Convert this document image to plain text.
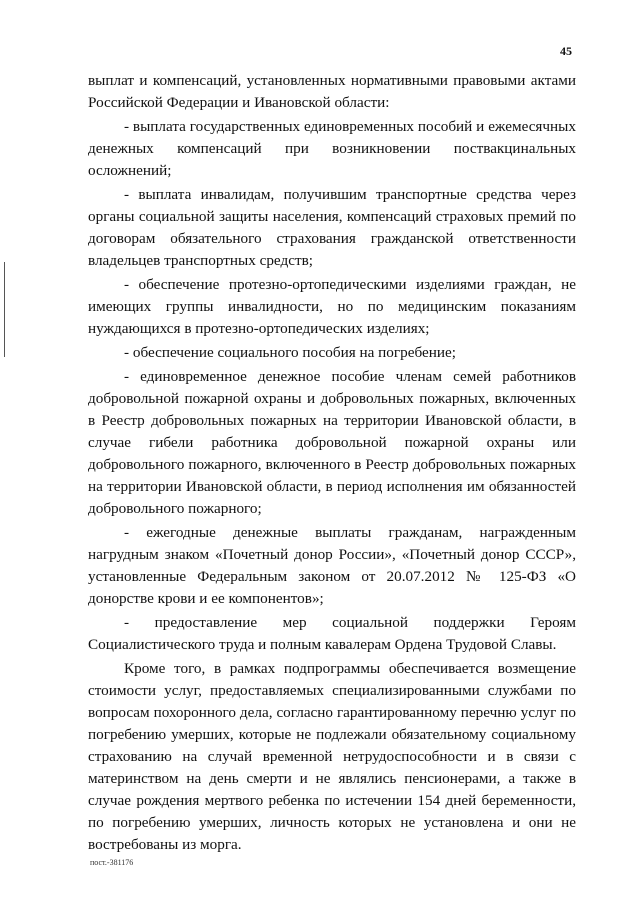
45

выплат и компенсаций, установленных нормативными правовыми актами Российской Федерации и Ивановской области:

- выплата государственных единовременных пособий и ежемесячных денежных компенсаций при возникновении поствакцинальных осложнений;

- выплата инвалидам, получившим транспортные средства через органы социальной защиты населения, компенсаций страховых премий по договорам обязательного страхования гражданской ответственности владельцев транспортных средств;

- обеспечение протезно-ортопедическими изделиями граждан, не имеющих группы инвалидности, но по медицинским показаниям нуждающихся в протезно-ортопедических изделиях;

- обеспечение социального пособия на погребение;

- единовременное денежное пособие членам семей работников добровольной пожарной охраны и добровольных пожарных, включенных в Реестр добровольных пожарных на территории Ивановской области, в случае гибели работника добровольной пожарной охраны или добровольного пожарного, включенного в Реестр добровольных пожарных на территории Ивановской области, в период исполнения им обязанностей добровольного пожарного;

- ежегодные денежные выплаты гражданам, награжденным нагрудным знаком «Почетный донор России», «Почетный донор СССР», установленные Федеральным законом от 20.07.2012 № 125-ФЗ «О донорстве крови и ее компонентов»;

- предоставление мер социальной поддержки Героям Социалистического труда и полным кавалерам Ордена Трудовой Славы.

Кроме того, в рамках подпрограммы обеспечивается возмещение стоимости услуг, предоставляемых специализированными службами по вопросам похоронного дела, согласно гарантированному перечню услуг по погребению умерших, которые не подлежали обязательному социальному страхованию на случай временной нетрудоспособности и в связи с материнством на день смерти и не являлись пенсионерами, а также в случае рождения мертвого ребенка по истечении 154 дней беременности, по погребению умерших, личность которых не установлена и они не востребованы из морга.

пост.-381176
